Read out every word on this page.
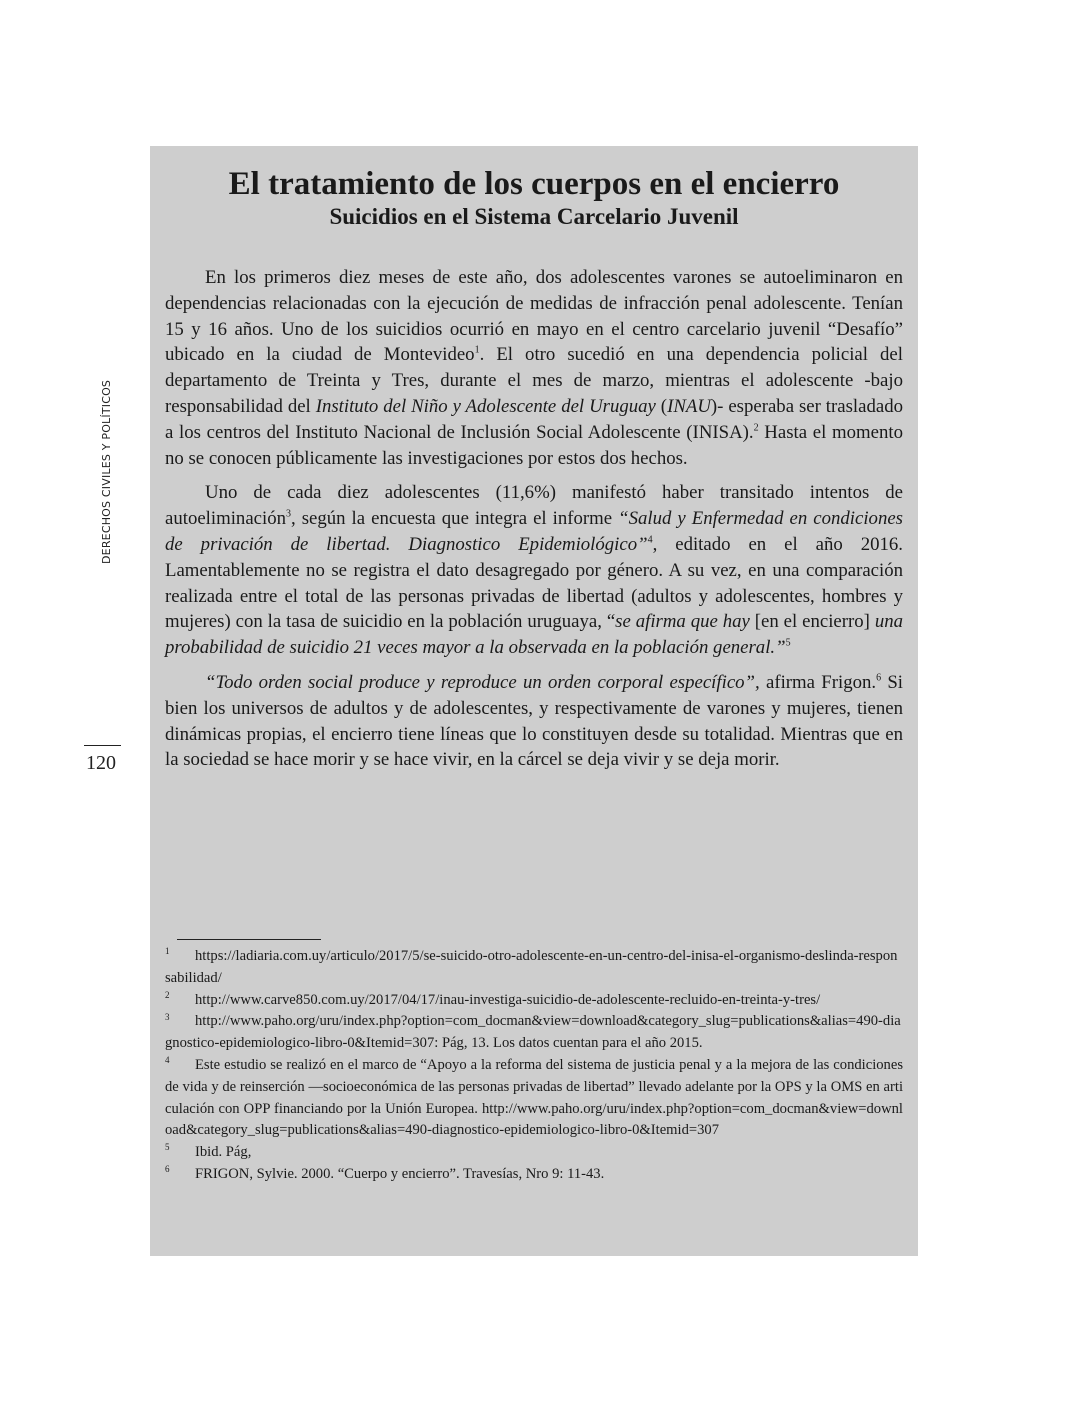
DERECHOS CIVILES Y POLÍTICOS
120
El tratamiento de los cuerpos en el encierro
Suicidios en el Sistema Carcelario Juvenil

En los primeros diez meses de este año, dos adolescentes varones se autoeliminaron en dependencias relacionadas con la ejecución de medidas de infracción penal adolescente. Tenían 15 y 16 años. Uno de los suicidios ocurrió en mayo en el centro carcelario juvenil “Desafío” ubicado en la ciudad de Montevideo$^1$. El otro sucedió en una dependencia policial del departamento de Treinta y Tres, durante el mes de marzo, mientras el adolescente -bajo responsabilidad del Instituto del Niño y Adolescente del Uruguay (INAU)- esperaba ser trasladado a los centros del Instituto Nacional de Inclusión Social Adolescente (INISA).$^2$ Hasta el momento no se conocen públicamente las investigaciones por estos dos hechos.

Uno de cada diez adolescentes (11,6%) manifestó haber transitado intentos de autoeliminación$^3$, según la encuesta que integra el informe “Salud y Enfermedad en condiciones de privación de libertad. Diagnostico Epidemiológico”$^4$, editado en el año 2016. Lamentablemente no se registra el dato desagregado por género. A su vez, en una comparación realizada entre el total de las personas privadas de libertad (adultos y adolescentes, hombres y mujeres) con la tasa de suicidio en la población uruguaya, “se afirma que hay [en el encierro] una probabilidad de suicidio 21 veces mayor a la observada en la población general.”$^5$

“Todo orden social produce y reproduce un orden corporal específico”, afirma Frigon.$^6$ Si bien los universos de adultos y de adolescentes, y respectivamente de varones y mujeres, tienen dinámicas propias, el encierro tiene líneas que lo constituyen desde su totalidad. Mientras que en la sociedad se hace morir y se hace vivir, en la cárcel se deja vivir y se deja morir.

1 https://ladiaria.com.uy/articulo/2017/5/se-suicido-otro-adolescente-en-un-centro-del-inisa-el-organismo-deslinda-responsabilidad/

2 http://www.carve850.com.uy/2017/04/17/inau-investiga-suicidio-de-adolescente-recluido-en-treinta-y-tres/

3 http://www.paho.org/uru/index.php?option=com_docman&view=download&category_slug=publications&alias=490-diagnostico-epidemiologico-libro-0&Itemid=307: Pág, 13. Los datos cuentan para el año 2015.

4 Este estudio se realizó en el marco de “Apoyo a la reforma del sistema de justicia penal y a la mejora de las condiciones de vida y de reinserción —socioeconómica de las personas privadas de libertad” llevado adelante por la OPS y la OMS en articulación con OPP financiando por la Unión Europea. http://www.paho.org/uru/index.php?option=com_docman&view=download&category_slug=publications&alias=490-diagnostico-epidemiologico-libro-0&Itemid=307

5 Ibid. Pág,

6 FRIGON, Sylvie. 2000. “Cuerpo y encierro”. Travesías, Nro 9: 11-43.
